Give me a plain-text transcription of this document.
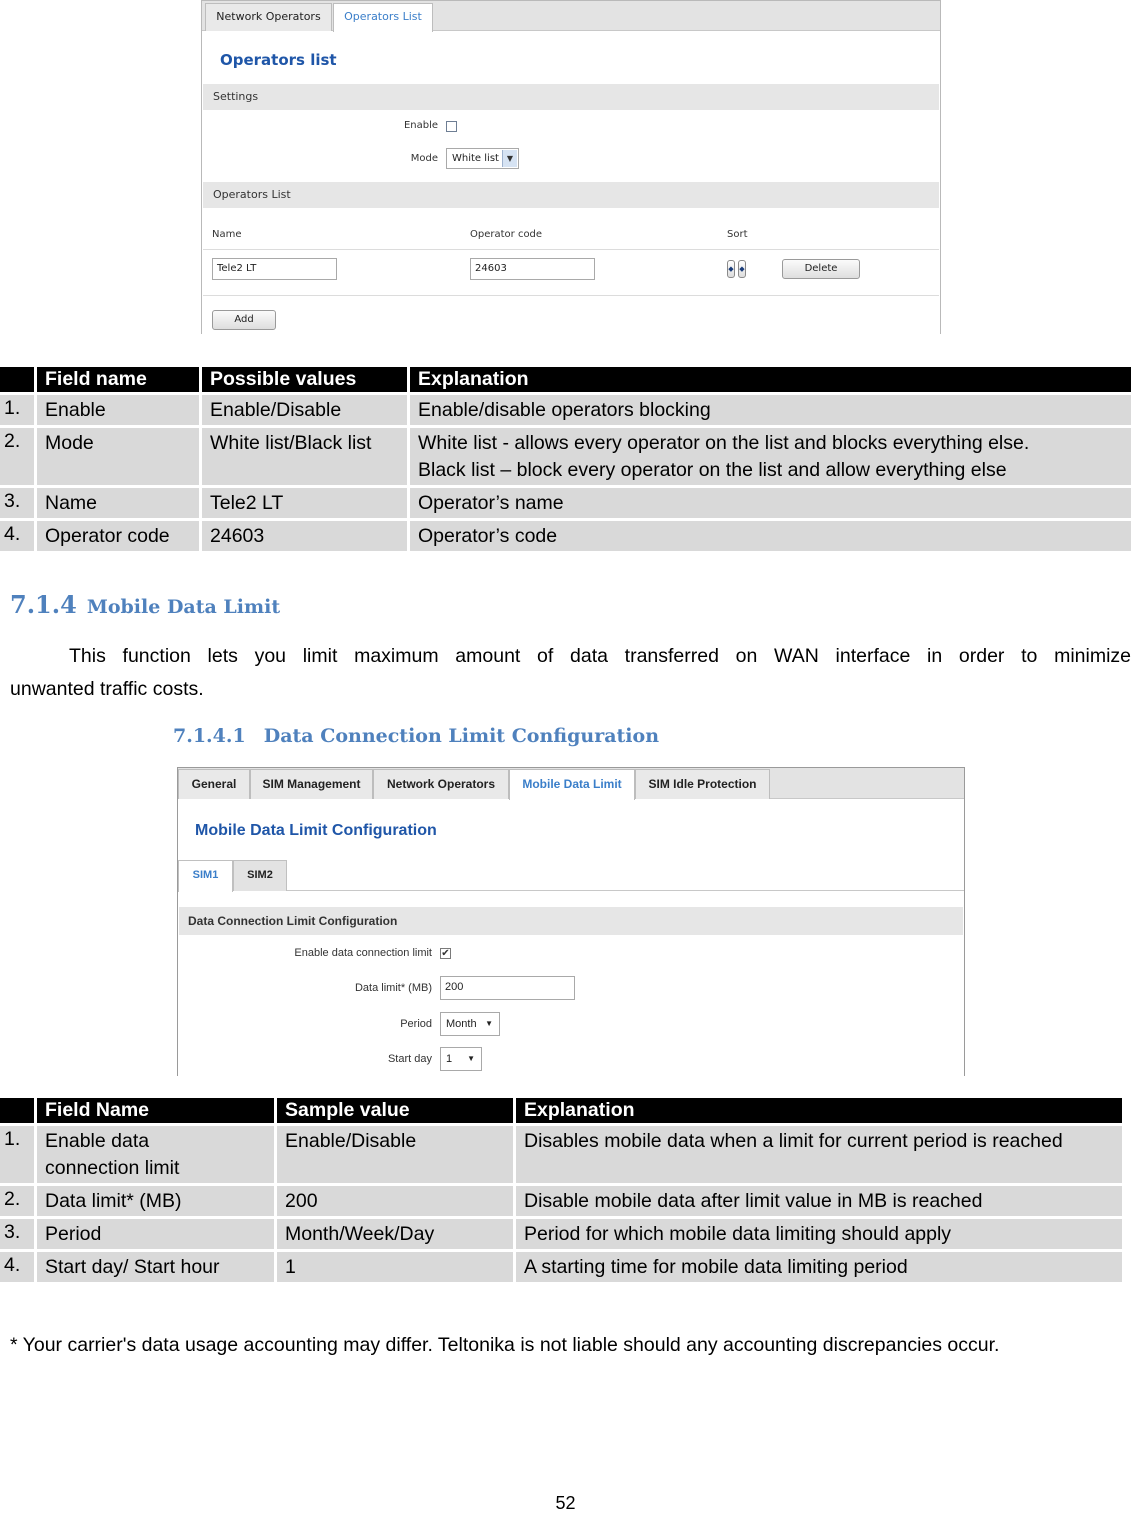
Network Operators	Operators List
Operators list
Settings
Enable
Mode	White list ▼
Operators List
Name	Operator code	Sort
Tele2 LT	24603	◆ ◆	Delete
Add
	Field name	Possible values	Explanation
1.	Enable	Enable/Disable	Enable/disable operators blocking
2.	Mode	White list/Black list	White list - allows every operator on the list and blocks everything else.
Black list – block every operator on the list and allow everything else

3.	Name	Tele2 LT	Operator’s name
4.	Operator code	24603	Operator’s code
7.1.4 Mobile Data Limit
This function lets you limit maximum amount of data transferred on WAN interface in order to minimize
unwanted traffic costs.
7.1.4.1 Data Connection Limit Configuration
General	SIM Management	Network Operators	Mobile Data Limit	SIM Idle Protection
Mobile Data Limit Configuration
SIM1	SIM2
Data Connection Limit Configuration
Enable data connection limit ✔
Data limit* (MB)	200
Period	Month ▼
Start day	1 ▼
	Field Name	Sample value	Explanation
1.	Enable data
connection limit	Enable/Disable	Disables mobile data when a limit for current period is reached
2.	Data limit* (MB)	200	Disable mobile data after limit value in MB is reached
3.	Period	Month/Week/Day	Period for which mobile data limiting should apply
4.	Start day/ Start hour	1	A starting time for mobile data limiting period
* Your carrier's data usage accounting may differ. Teltonika is not liable should any accounting discrepancies occur.
52
